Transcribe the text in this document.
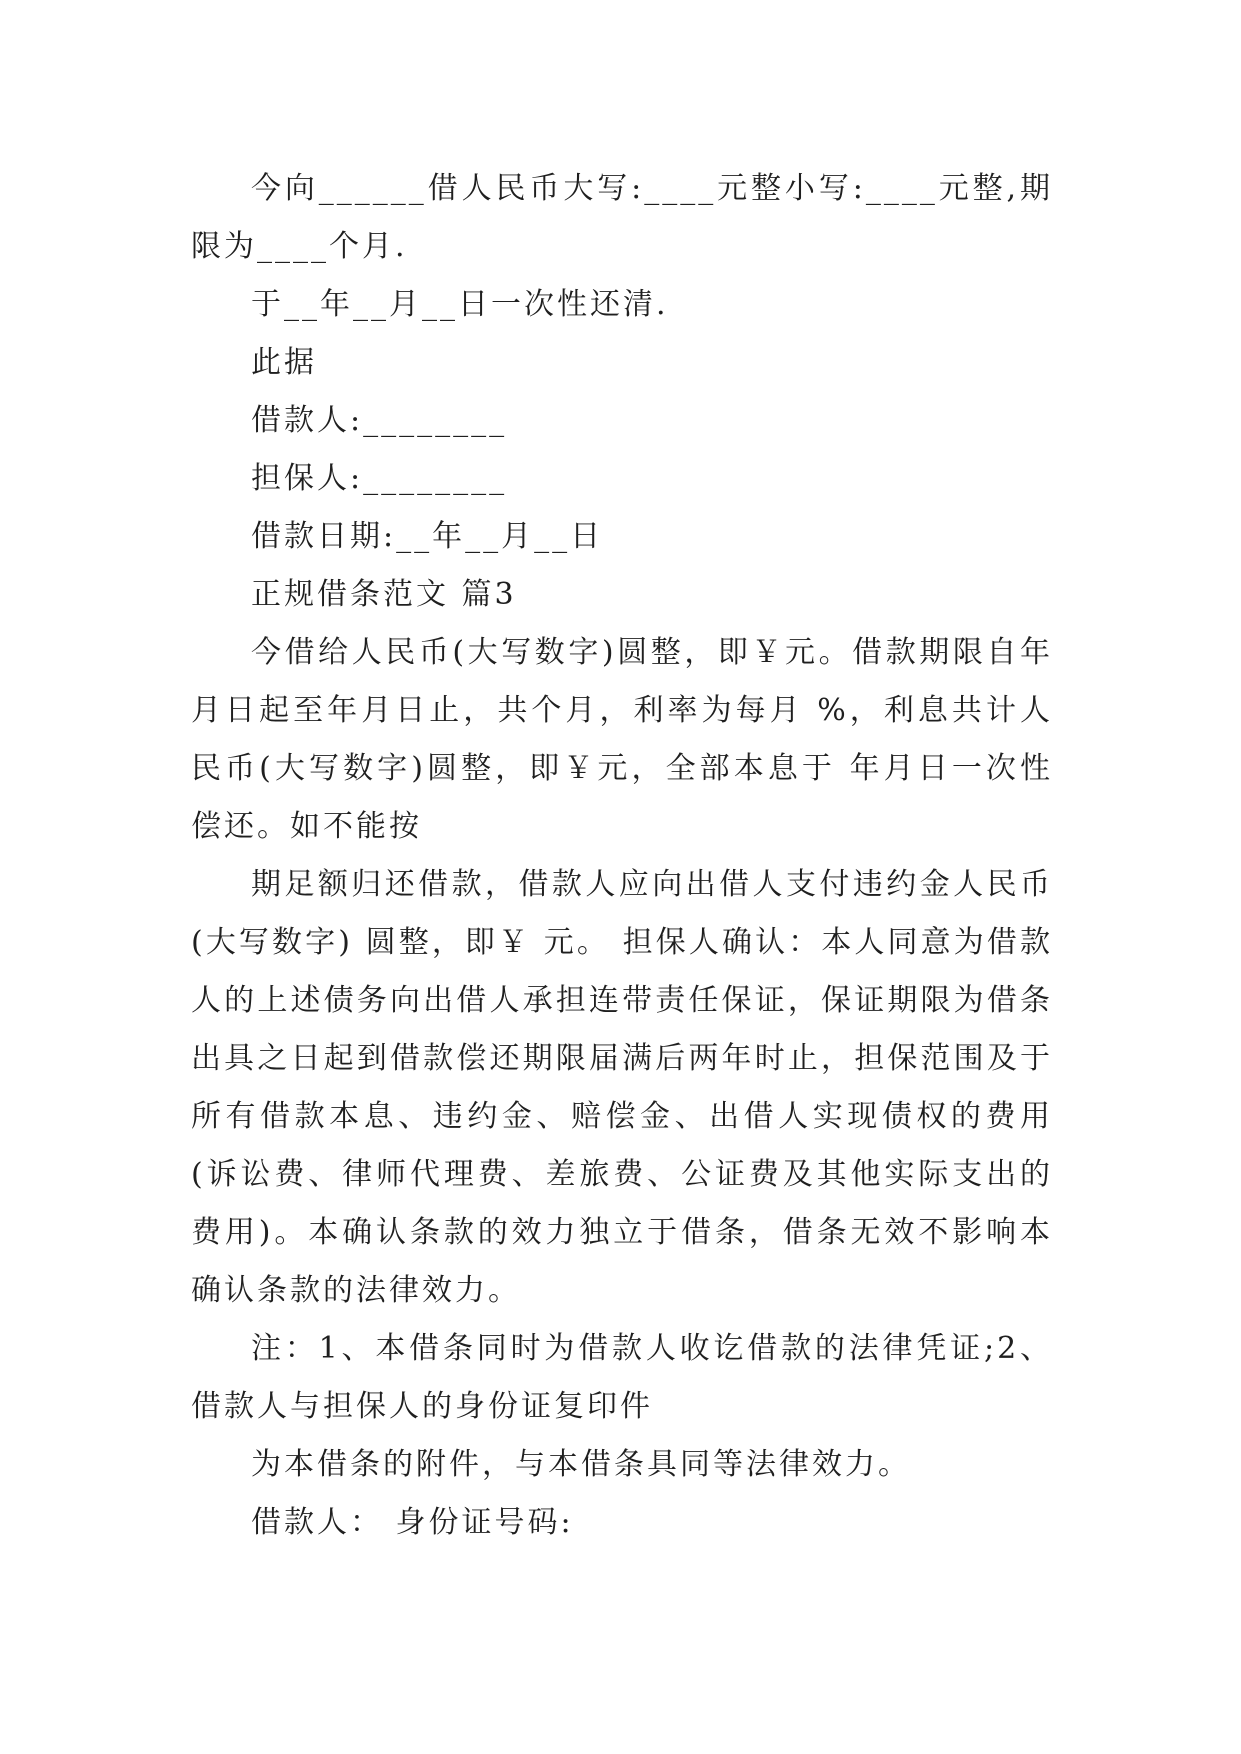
今向______借人民币大写:____元整小写:____元整,期限为____个月.

于__年__月__日一次性还清.

此据

借款人:________

担保人:________

借款日期:__年__月__日

正规借条范文 篇3

今借给人民币(大写数字)圆整，即￥元。借款期限自年月日起至年月日止，共个月，利率为每月 %，利息共计人民币(大写数字)圆整，即￥元，全部本息于 年月日一次性偿还。如不能按

期足额归还借款，借款人应向出借人支付违约金人民币(大写数字) 圆整，即￥ 元。 担保人确认：本人同意为借款人的上述债务向出借人承担连带责任保证，保证期限为借条出具之日起到借款偿还期限届满后两年时止，担保范围及于所有借款本息、违约金、赔偿金、出借人实现债权的费用(诉讼费、律师代理费、差旅费、公证费及其他实际支出的费用)。本确认条款的效力独立于借条，借条无效不影响本确认条款的法律效力。

注：1、本借条同时为借款人收讫借款的法律凭证;2、借款人与担保人的身份证复印件

为本借条的附件，与本借条具同等法律效力。

借款人： 身份证号码:
